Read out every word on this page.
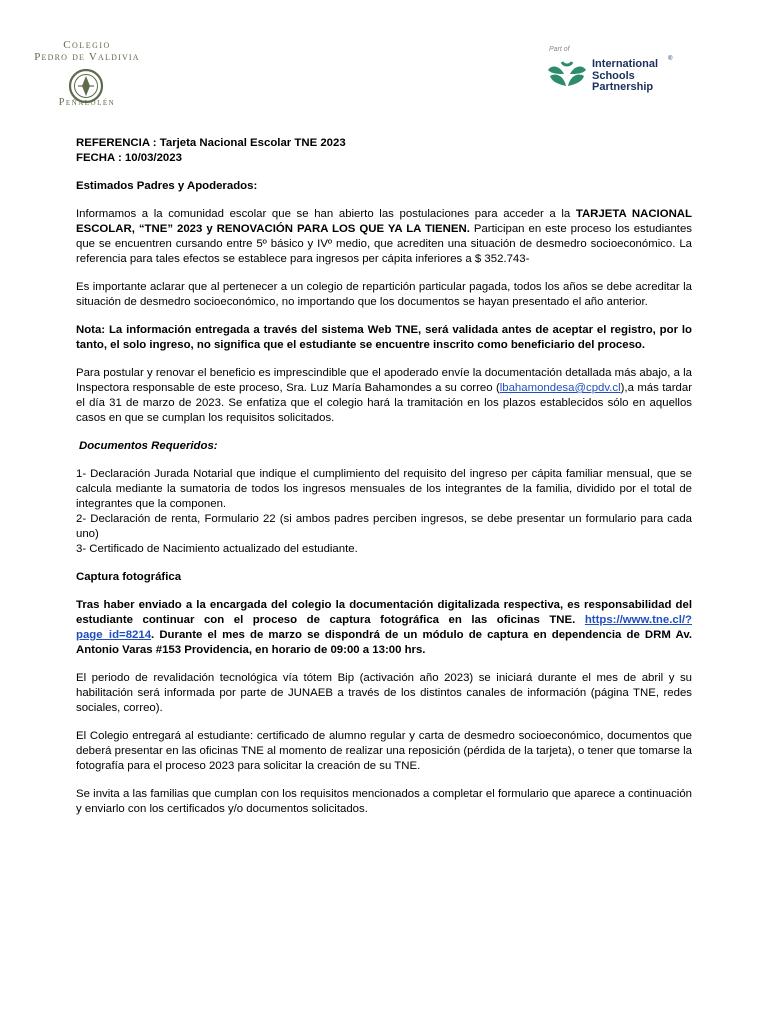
Colegio
Pedro de Valdivia
Peñalolén
Part of
International
Schools
Partnership
®

REFERENCIA : Tarjeta Nacional Escolar TNE 2023

FECHA : 10/03/2023

Estimados Padres y Apoderados:

Informamos a la comunidad escolar que se han abierto las postulaciones para acceder a la TARJETA NACIONAL ESCOLAR, “TNE” 2023 y RENOVACIÓN PARA LOS QUE YA LA TIENEN. Participan en este proceso los estudiantes que se encuentren cursando entre 5º básico y IVº medio, que acrediten una situación de desmedro socioeconómico. La referencia para tales efectos se establece para ingresos per cápita inferiores a $ 352.743-

Es importante aclarar que al pertenecer a un colegio de repartición particular pagada, todos los años se debe acreditar la situación de desmedro socioeconómico, no importando que los documentos se hayan presentado el año anterior.

Nota: La información entregada a través del sistema Web TNE, será validada antes de aceptar el registro, por lo tanto, el solo ingreso, no significa que el estudiante se encuentre inscrito como beneficiario del proceso.

Para postular y renovar el beneficio es imprescindible que el apoderado envíe la documentación detallada más abajo, a la Inspectora responsable de este proceso, Sra. Luz María Bahamondes a su correo (lbahamondesa@cpdv.cl),a más tardar el día 31 de marzo de 2023. Se enfatiza que el colegio hará la tramitación en los plazos establecidos sólo en aquellos casos en que se cumplan los requisitos solicitados.

Documentos Requeridos:

1- Declaración Jurada Notarial que indique el cumplimiento del requisito del ingreso per cápita familiar mensual, que se calcula mediante la sumatoria de todos los ingresos mensuales de los integrantes de la familia, dividido por el total de integrantes que la componen.

2- Declaración de renta, Formulario 22 (si ambos padres perciben ingresos, se debe presentar un formulario para cada uno)

3- Certificado de Nacimiento actualizado del estudiante.

Captura fotográfica

Tras haber enviado a la encargada del colegio la documentación digitalizada respectiva, es responsabilidad del estudiante continuar con el proceso de captura fotográfica en las oficinas TNE. https://www.tne.cl/?page_id=8214. Durante el mes de marzo se dispondrá de un módulo de captura en dependencia de DRM Av. Antonio Varas #153 Providencia, en horario de 09:00 a 13:00 hrs.

El periodo de revalidación tecnológica vía tótem Bip (activación año 2023) se iniciará durante el mes de abril y su habilitación será informada por parte de JUNAEB a través de los distintos canales de información (página TNE, redes sociales, correo).

El Colegio entregará al estudiante: certificado de alumno regular y carta de desmedro socioeconómico, documentos que deberá presentar en las oficinas TNE al momento de realizar una reposición (pérdida de la tarjeta), o tener que tomarse la fotografía para el proceso 2023 para solicitar la creación de su TNE.

Se invita a las familias que cumplan con los requisitos mencionados a completar el formulario que aparece a continuación y enviarlo con los certificados y/o documentos solicitados.
